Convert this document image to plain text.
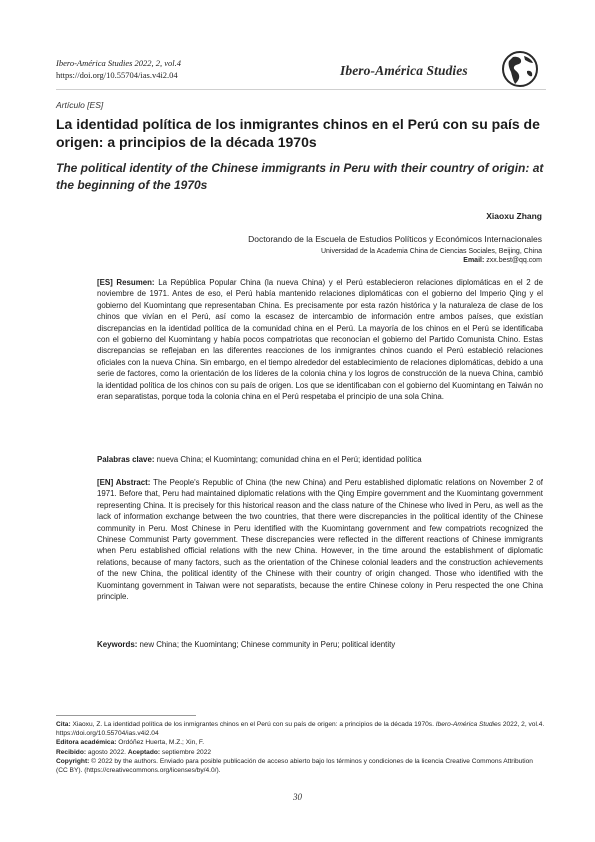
Ibero-América Studies 2022, 2, vol.4
https://doi.org/10.55704/ias.v4i2.04	Ibero-América Studies
Artículo [ES]
La identidad política de los inmigrantes chinos en el Perú con su país de origen: a principios de la década 1970s
The political identity of the Chinese immigrants in Peru with their country of origin: at the beginning of the 1970s
Xiaoxu Zhang
Doctorando de la Escuela de Estudios Políticos y Económicos Internacionales
Universidad de la Academia China de Ciencias Sociales, Beijing, China
Email: zxx.best@qq.com

[ES] Resumen: La República Popular China (la nueva China) y el Perú establecieron relaciones diplomáticas en el 2 de noviembre de 1971. Antes de eso, el Perú había mantenido relaciones diplomáticas con el gobierno del Imperio Qing y el gobierno del Kuomintang que representaban China. Es precisamente por esta razón histórica y la naturaleza de clase de los chinos que vivían en el Perú, así como la escasez de intercambio de información entre ambos países, que existían discrepancias en la identidad política de la comunidad china en el Perú. La mayoría de los chinos en el Perú se identificaba con el gobierno del Kuomintang y había pocos compatriotas que reconocían el gobierno del Partido Comunista Chino. Estas discrepancias se reflejaban en las diferentes reacciones de los inmigrantes chinos cuando el Perú estableció relaciones oficiales con la nueva China. Sin embargo, en el tiempo alrededor del establecimiento de relaciones diplomáticas, debido a una serie de factores, como la orientación de los líderes de la colonia china y los logros de construcción de la nueva China, cambió la identidad política de los chinos con su país de origen. Los que se identificaban con el gobierno del Kuomintang en Taiwán no eran separatistas, porque toda la colonia china en el Perú respetaba el principio de una sola China.

Palabras clave: nueva China; el Kuomintang; comunidad china en el Perú; identidad política

[EN] Abstract: The People's Republic of China (the new China) and Peru established diplomatic relations on November 2 of 1971. Before that, Peru had maintained diplomatic relations with the Qing Empire government and the Kuomintang government representing China. It is precisely for this historical reason and the class nature of the Chinese who lived in Peru, as well as the lack of information exchange between the two countries, that there were discrepancies in the political identity of the Chinese community in Peru. Most Chinese in Peru identified with the Kuomintang government and few compatriots recognized the Chinese Communist Party government. These discrepancies were reflected in the different reactions of Chinese immigrants when Peru established official relations with the new China. However, in the time around the establishment of diplomatic relations, because of many factors, such as the orientation of the Chinese colonial leaders and the construction achievements of the new China, the political identity of the Chinese with their country of origin changed. Those who identified with the Kuomintang government in Taiwan were not separatists, because the entire Chinese colony in Peru respected the one China principle.

Keywords: new China; the Kuomintang; Chinese community in Peru; political identity
Cita: Xiaoxu, Z. La identidad política de los inmigrantes chinos en el Perú con su país de origen: a principios de la década 1970s. Ibero-América Studies 2022, 2, vol.4. https://doi.org/10.55704/ias.v4i2.04
Editora académica: Ordóñez Huerta, M.Z.; Xin, F.
Recibido: agosto 2022. Aceptado: septiembre 2022
Copyright: © 2022 by the authors. Enviado para posible publicación de acceso abierto bajo los términos y condiciones de la licencia Creative Commons Attribution (CC BY). (https://creativecommons.org/licenses/by/4.0/).
30
